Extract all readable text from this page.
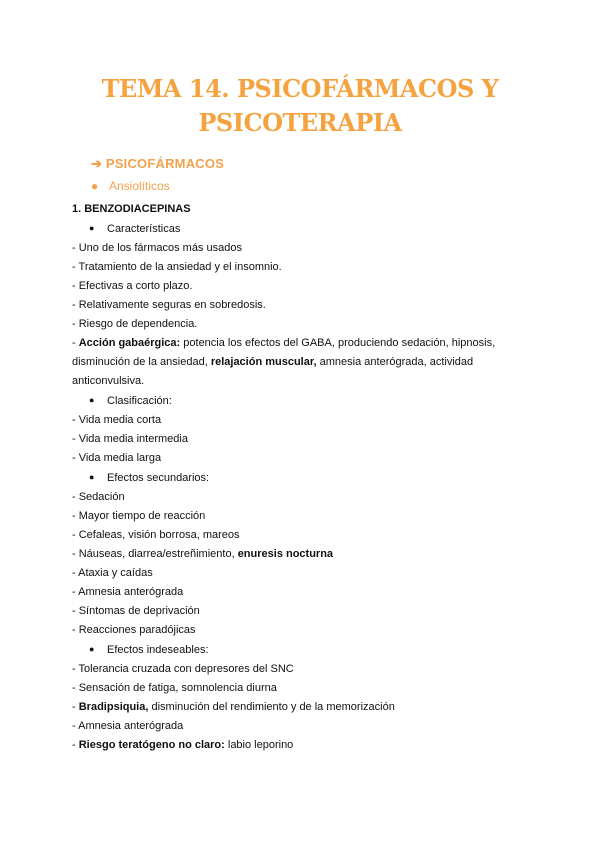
TEMA 14. PSICOFÁRMACOS Y
PSICOTERAPIA
➔ PSICOFÁRMACOS
● Ansiolíticos
1. BENZODIACEPINAS
● Características
- Uno de los fármacos más usados
- Tratamiento de la ansiedad y el insomnio.
- Efectivas a corto plazo.
- Relativamente seguras en sobredosis.
- Riesgo de dependencia.
- Acción gabaérgica: potencia los efectos del GABA, produciendo sedación, hipnosis,
disminución de la ansiedad, relajación muscular, amnesia anterógrada, actividad
anticonvulsiva.
● Clasificación:
- Vida media corta
- Vida media intermedia
- Vida media larga
● Efectos secundarios:
- Sedación
- Mayor tiempo de reacción
- Cefaleas, visión borrosa, mareos
- Náuseas, diarrea/estreñimiento, enuresis nocturna
- Ataxia y caídas
- Amnesia anterógrada
- Síntomas de deprivación
- Reacciones paradójicas
● Efectos indeseables:
- Tolerancia cruzada con depresores del SNC
- Sensación de fatiga, somnolencia diurna
- Bradipsiquia, disminución del rendimiento y de la memorización
- Amnesia anterógrada
- Riesgo teratógeno no claro: labio leporino
